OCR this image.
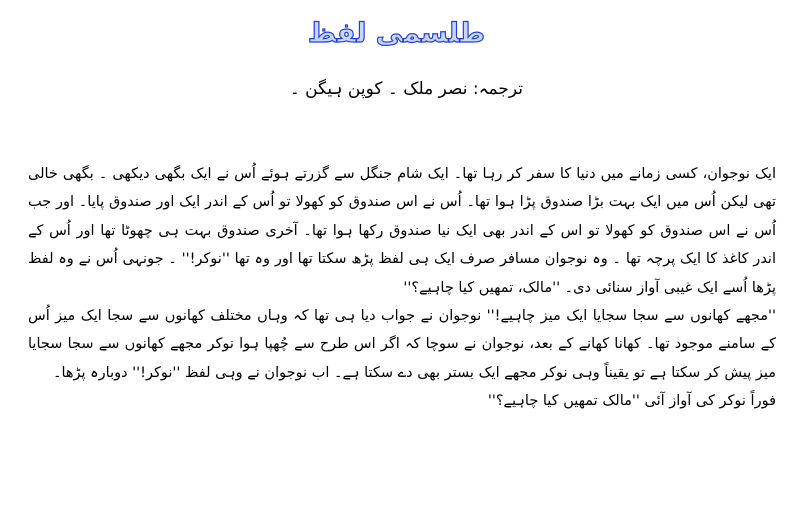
طلسمی لفظ
ترجمہ: نصر ملک ۔ کوپن ہیگن ۔

ایک نوجوان، کسی زمانے میں دنیا کا سفر کر رہا تھا۔ ایک شام جنگل سے گزرتے ہوئے اُس نے ایک بگھی دیکھی ۔ بگھی خالی تھی لیکن اُس میں ایک بہت بڑا صندوق پڑا ہوا تھا۔ اُس نے اس صندوق کو کھولا تو اُس کے اندر ایک اور صندوق پایا۔ اور جب اُس نے اس صندوق کو کھولا تو اس کے اندر بھی ایک نیا صندوق رکھا ہوا تھا۔ آخری صندوق بہت ہی چھوٹا تھا اور اُس کے اندر کاغذ کا ایک پرچہ تھا ۔ وہ نوجوان مسافر صرف ایک ہی لفظ پڑھ سکتا تھا اور وہ تھا ''نوکر!'' ۔ جونہی اُس نے وہ لفظ پڑھا اُسے ایک غیبی آواز سنائی دی۔ ''مالک، تمھیں کیا چاہیے؟''

''مجھے کھانوں سے سجا سجایا ایک میز چاہیے!'' نوجوان نے جواب دیا ہی تھا کہ وہاں مختلف کھانوں سے سجا ایک میز اُس کے سامنے موجود تھا۔ کھانا کھانے کے بعد، نوجوان نے سوچا کہ اگر اس طرح سے چُھپا ہوا نوکر مجھے کھانوں سے سجا سجایا میز پیش کر سکتا ہے تو یقیناً وہی نوکر مجھے ایک بستر بھی دے سکتا ہے۔ اب نوجوان نے وہی لفظ ''نوکر!'' دوبارہ پڑھا۔

فوراً نوکر کی آواز آئی ''مالک تمھیں کیا چاہیے؟''
